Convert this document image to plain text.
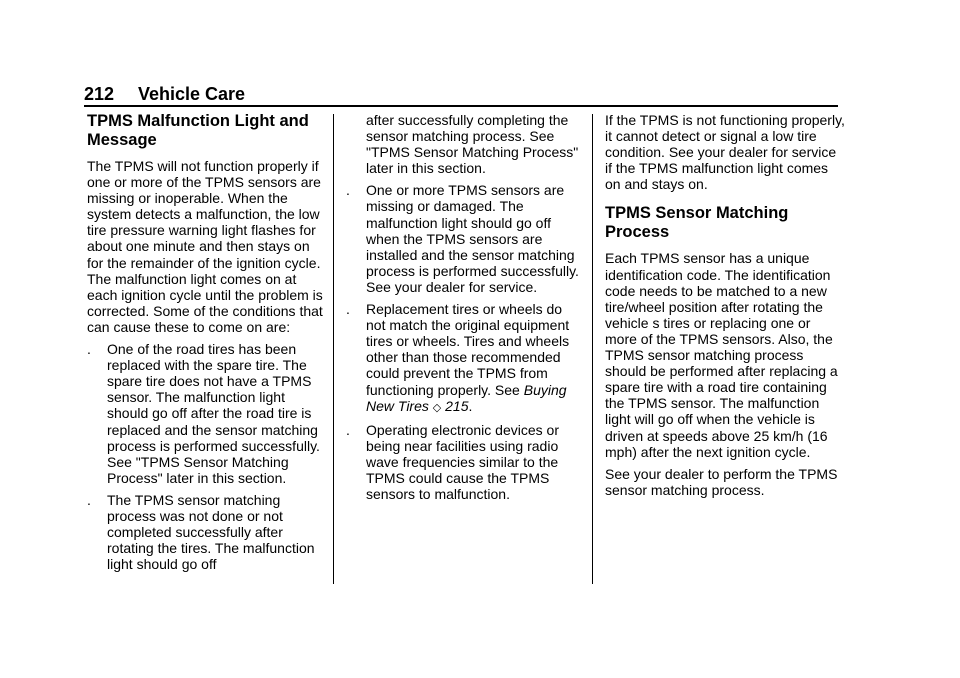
212 Vehicle Care
TPMS Malfunction Light and Message

The TPMS will not function properly if one or more of the TPMS sensors are missing or inoperable. When the system detects a malfunction, the low tire pressure warning light flashes for about one minute and then stays on for the remainder of the ignition cycle. The malfunction light comes on at each ignition cycle until the problem is corrected. Some of the conditions that can cause these to come on are:

. One of the road tires has been replaced with the spare tire. The spare tire does not have a TPMS sensor. The malfunction light should go off after the road tire is replaced and the sensor matching process is performed successfully. See "TPMS Sensor Matching Process" later in this section.
. The TPMS sensor matching process was not done or not completed successfully after rotating the tires. The malfunction light should go off

after successfully completing the sensor matching process. See "TPMS Sensor Matching Process" later in this section.

. One or more TPMS sensors are missing or damaged. The malfunction light should go off when the TPMS sensors are installed and the sensor matching process is performed successfully. See your dealer for service.
. Replacement tires or wheels do not match the original equipment tires or wheels. Tires and wheels other than those recommended could prevent the TPMS from functioning properly. See Buying New Tires ◇ 215.
. Operating electronic devices or being near facilities using radio wave frequencies similar to the TPMS could cause the TPMS sensors to malfunction.

If the TPMS is not functioning properly, it cannot detect or signal a low tire condition. See your dealer for service if the TPMS malfunction light comes on and stays on.

TPMS Sensor Matching Process

Each TPMS sensor has a unique identification code. The identification code needs to be matched to a new tire/wheel position after rotating the vehicle s tires or replacing one or more of the TPMS sensors. Also, the TPMS sensor matching process should be performed after replacing a spare tire with a road tire containing the TPMS sensor. The malfunction light will go off when the vehicle is driven at speeds above 25 km/h (16 mph) after the next ignition cycle.

See your dealer to perform the TPMS sensor matching process.
